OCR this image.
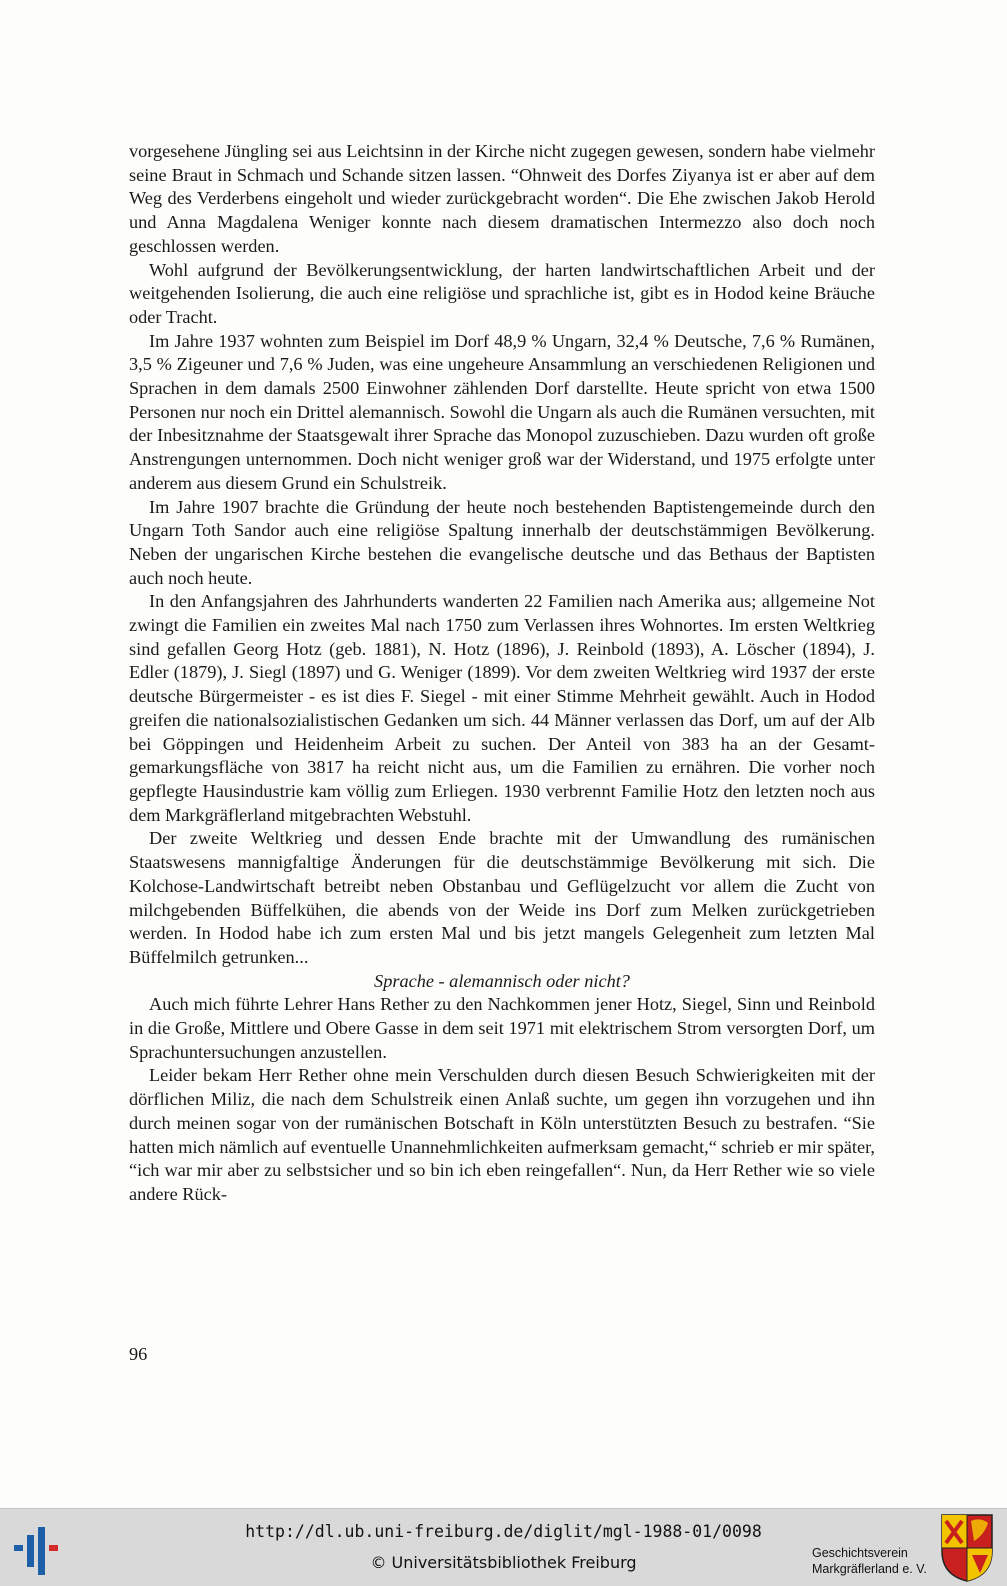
vorgesehene Jüngling sei aus Leichtsinn in der Kirche nicht zugegen gewesen, sondern habe vielmehr seine Braut in Schmach und Schande sitzen lassen. “Ohnweit des Dorfes Ziyanya ist er aber auf dem Weg des Verderbens eingeholt und wieder zurückgebracht worden“. Die Ehe zwischen Jakob Herold und Anna Magdalena Weniger konnte nach diesem dramatischen Intermezzo also doch noch geschlossen werden.

Wohl aufgrund der Bevölkerungsentwicklung, der harten landwirtschaftlichen Arbeit und der weitgehenden Isolierung, die auch eine religiöse und sprachliche ist, gibt es in Hodod keine Bräuche oder Tracht.

Im Jahre 1937 wohnten zum Beispiel im Dorf 48,9 % Ungarn, 32,4 % Deutsche, 7,6 % Rumänen, 3,5 % Zigeuner und 7,6 % Juden, was eine ungeheure Ansammlung an verschiedenen Religionen und Sprachen in dem damals 2500 Einwohner zählenden Dorf darstellte. Heute spricht von etwa 1500 Personen nur noch ein Drittel alemannisch. Sowohl die Ungarn als auch die Rumänen versuchten, mit der Inbesitznahme der Staatsgewalt ihrer Sprache das Monopol zuzuschieben. Dazu wurden oft große Anstrengungen unternommen. Doch nicht weniger groß war der Widerstand, und 1975 erfolgte unter anderem aus diesem Grund ein Schulstreik.

Im Jahre 1907 brachte die Gründung der heute noch bestehenden Baptistengemeinde durch den Ungarn Toth Sandor auch eine religiöse Spaltung innerhalb der deutschstämmigen Bevölkerung. Neben der ungarischen Kirche bestehen die evangelische deutsche und das Bethaus der Baptisten auch noch heute.

In den Anfangsjahren des Jahrhunderts wanderten 22 Familien nach Amerika aus; allgemeine Not zwingt die Familien ein zweites Mal nach 1750 zum Verlassen ihres Wohnortes. Im ersten Weltkrieg sind gefallen Georg Hotz (geb. 1881), N. Hotz (1896), J. Reinbold (1893), A. Löscher (1894), J. Edler (1879), J. Siegl (1897) und G. Weniger (1899). Vor dem zweiten Weltkrieg wird 1937 der erste deutsche Bürgermeister - es ist dies F. Siegel - mit einer Stimme Mehrheit gewählt. Auch in Hodod greifen die nationalsozialistischen Gedanken um sich. 44 Männer verlassen das Dorf, um auf der Alb bei Göppingen und Heidenheim Arbeit zu suchen. Der Anteil von 383 ha an der Gesamtgemarkungsfläche von 3817 ha reicht nicht aus, um die Familien zu ernähren. Die vorher noch gepflegte Hausindustrie kam völlig zum Erliegen. 1930 verbrennt Familie Hotz den letzten noch aus dem Markgräflerland mitgebrachten Webstuhl.

Der zweite Weltkrieg und dessen Ende brachte mit der Umwandlung des rumänischen Staatswesens mannigfaltige Änderungen für die deutschstämmige Bevölkerung mit sich. Die Kolchose-Landwirtschaft betreibt neben Obstanbau und Geflügelzucht vor allem die Zucht von milchgebenden Büffelkühen, die abends von der Weide ins Dorf zum Melken zurückgetrieben werden. In Hodod habe ich zum ersten Mal und bis jetzt mangels Gelegenheit zum letzten Mal Büffelmilch getrunken...

Sprache - alemannisch oder nicht?

Auch mich führte Lehrer Hans Rether zu den Nachkommen jener Hotz, Siegel, Sinn und Reinbold in die Große, Mittlere und Obere Gasse in dem seit 1971 mit elektrischem Strom versorgten Dorf, um Sprachuntersuchungen anzustellen.

Leider bekam Herr Rether ohne mein Verschulden durch diesen Besuch Schwierigkeiten mit der dörflichen Miliz, die nach dem Schulstreik einen Anlaß suchte, um gegen ihn vorzugehen und ihn durch meinen sogar von der rumänischen Botschaft in Köln unterstützten Besuch zu bestrafen. “Sie hatten mich nämlich auf eventuelle Unannehmlichkeiten aufmerksam gemacht,“ schrieb er mir später, “ich war mir aber zu selbstsicher und so bin ich eben reingefallen“. Nun, da Herr Rether wie so viele andere Rück-

96
http://dl.ub.uni-freiburg.de/diglit/mgl-1988-01/0098
© Universitätsbibliothek Freiburg	Geschichtsverein
Markgräflerland e. V.
